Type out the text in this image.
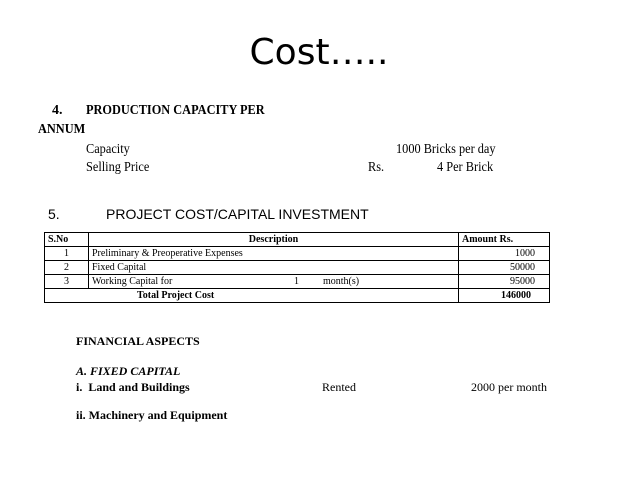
Cost…..
4. PRODUCTION CAPACITY PER
ANNUM
Capacity	1000 Bricks per day
Selling Price	Rs.	4 Per Brick
5.	PROJECT COST/CAPITAL INVESTMENT
S.No	Description	Amount Rs.
1	Preliminary & Preoperative Expenses	1000
2	Fixed Capital	50000
3	Working Capital for 1 month(s)	95000
Total Project Cost		146000
FINANCIAL ASPECTS
A. FIXED CAPITAL
i.  Land and Buildings	Rented	2000 per month
ii. Machinery and Equipment
